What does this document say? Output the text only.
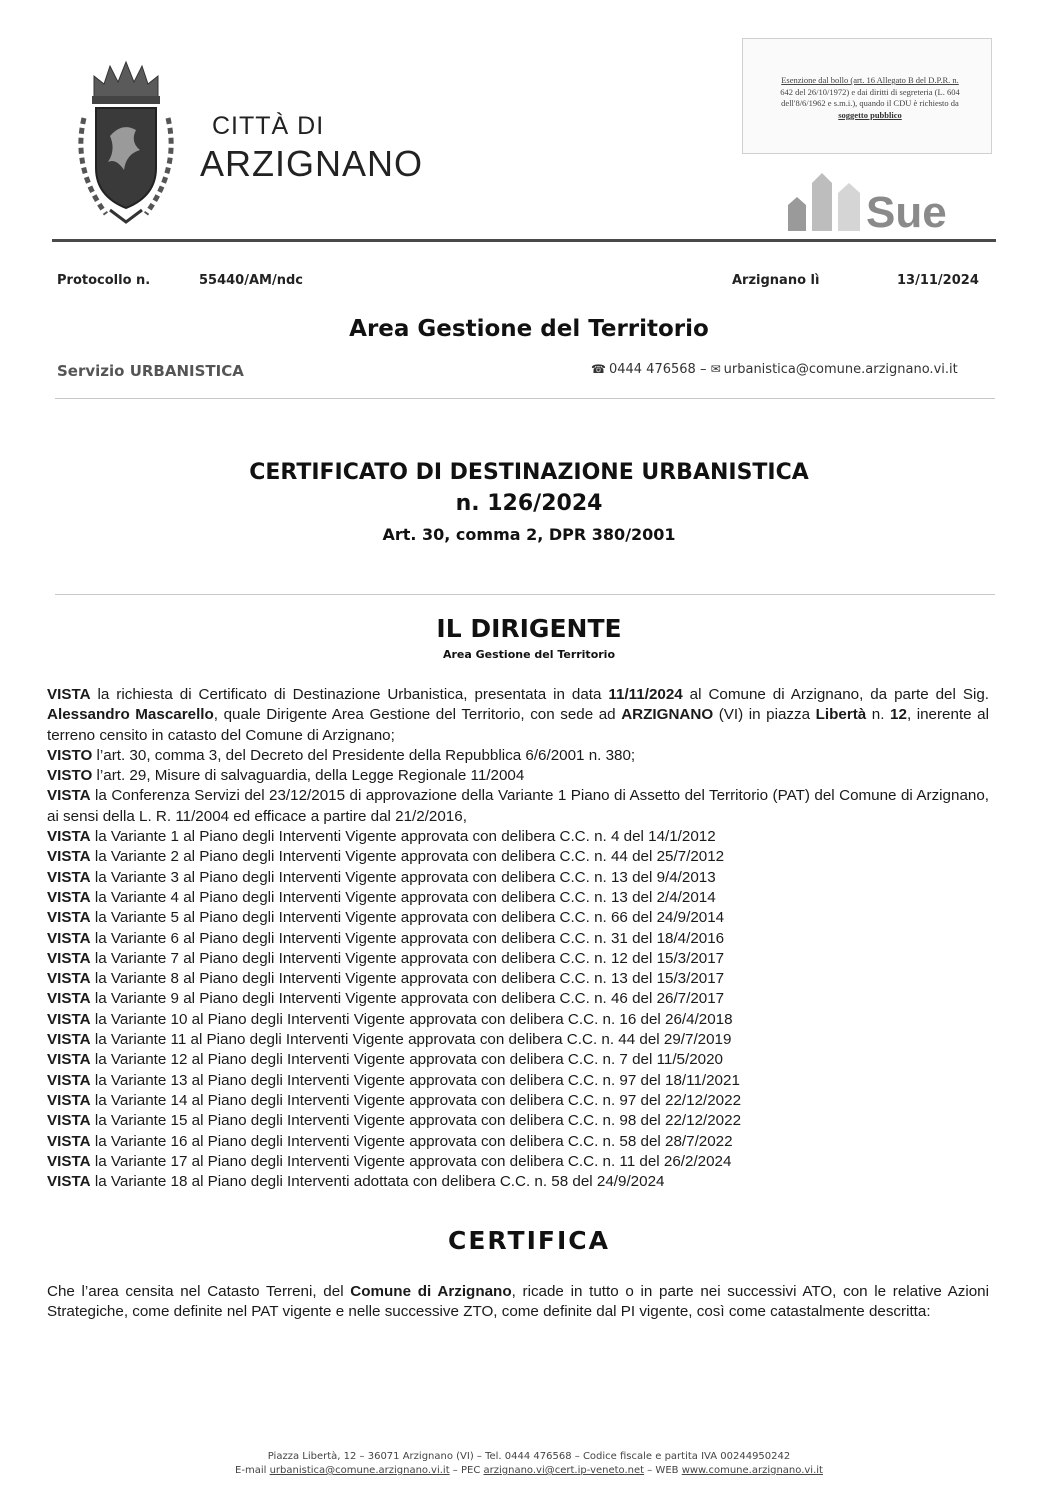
CITTÀ DI
ARZIGNANO
Esenzione dal bollo (art. 16 Allegato B del D.P.R. n.
642 del 26/10/1972) e dai diritti di segreteria (L. 604
dell'8/6/1962 e s.m.i.), quando il CDU è richiesto da
soggetto pubblico
Sue
Protocollo n.	55440/AM/ndc	Arzignano lì	13/11/2024
Area Gestione del Territorio
Servizio URBANISTICA	☎ 0444 476568 – ✉ urbanistica@comune.arzignano.vi.it
CERTIFICATO DI DESTINAZIONE URBANISTICA
n. 126/2024
Art. 30, comma 2, DPR 380/2001
IL DIRIGENTE
Area Gestione del Territorio

VISTA la richiesta di Certificato di Destinazione Urbanistica, presentata in data 11/11/2024 al Comune di Arzignano, da parte del Sig. Alessandro Mascarello, quale Dirigente Area Gestione del Territorio, con sede ad ARZIGNANO (VI) in piazza Libertà n. 12, inerente al terreno censito in catasto del Comune di Arzignano;

VISTO l’art. 30, comma 3, del Decreto del Presidente della Repubblica 6/6/2001 n. 380;

VISTO l’art. 29, Misure di salvaguardia, della Legge Regionale 11/2004

VISTA la Conferenza Servizi del 23/12/2015 di approvazione della Variante 1 Piano di Assetto del Territorio (PAT) del Comune di Arzignano, ai sensi della L. R. 11/2004 ed efficace a partire dal 21/2/2016,

VISTA la Variante 1 al Piano degli Interventi Vigente approvata con delibera C.C. n. 4 del 14/1/2012

VISTA la Variante 2 al Piano degli Interventi Vigente approvata con delibera C.C. n. 44 del 25/7/2012

VISTA la Variante 3 al Piano degli Interventi Vigente approvata con delibera C.C. n. 13 del 9/4/2013

VISTA la Variante 4 al Piano degli Interventi Vigente approvata con delibera C.C. n. 13 del 2/4/2014

VISTA la Variante 5 al Piano degli Interventi Vigente approvata con delibera C.C. n. 66 del 24/9/2014

VISTA la Variante 6 al Piano degli Interventi Vigente approvata con delibera C.C. n. 31 del 18/4/2016

VISTA la Variante 7 al Piano degli Interventi Vigente approvata con delibera C.C. n. 12 del 15/3/2017

VISTA la Variante 8 al Piano degli Interventi Vigente approvata con delibera C.C. n. 13 del 15/3/2017

VISTA la Variante 9 al Piano degli Interventi Vigente approvata con delibera C.C. n. 46 del 26/7/2017

VISTA la Variante 10 al Piano degli Interventi Vigente approvata con delibera C.C. n. 16 del 26/4/2018

VISTA la Variante 11 al Piano degli Interventi Vigente approvata con delibera C.C. n. 44 del 29/7/2019

VISTA la Variante 12 al Piano degli Interventi Vigente approvata con delibera C.C. n. 7 del 11/5/2020

VISTA la Variante 13 al Piano degli Interventi Vigente approvata con delibera C.C. n. 97 del 18/11/2021

VISTA la Variante 14 al Piano degli Interventi Vigente approvata con delibera C.C. n. 97 del 22/12/2022

VISTA la Variante 15 al Piano degli Interventi Vigente approvata con delibera C.C. n. 98 del 22/12/2022

VISTA la Variante 16 al Piano degli Interventi Vigente approvata con delibera C.C. n. 58 del 28/7/2022

VISTA la Variante 17 al Piano degli Interventi Vigente approvata con delibera C.C. n. 11 del 26/2/2024

VISTA la Variante 18 al Piano degli Interventi adottata con delibera C.C. n. 58 del 24/9/2024

CERTIFICA
Che l’area censita nel Catasto Terreni, del Comune di Arzignano, ricade in tutto o in parte nei successivi ATO, con le relative Azioni Strategiche, come definite nel PAT vigente e nelle successive ZTO, come definite dal PI vigente, così come catastalmente descritta:
Piazza Libertà, 12 – 36071 Arzignano (VI) – Tel. 0444 476568 – Codice fiscale e partita IVA 00244950242
E-mail urbanistica@comune.arzignano.vi.it – PEC arzignano.vi@cert.ip-veneto.net – WEB www.comune.arzignano.vi.it
